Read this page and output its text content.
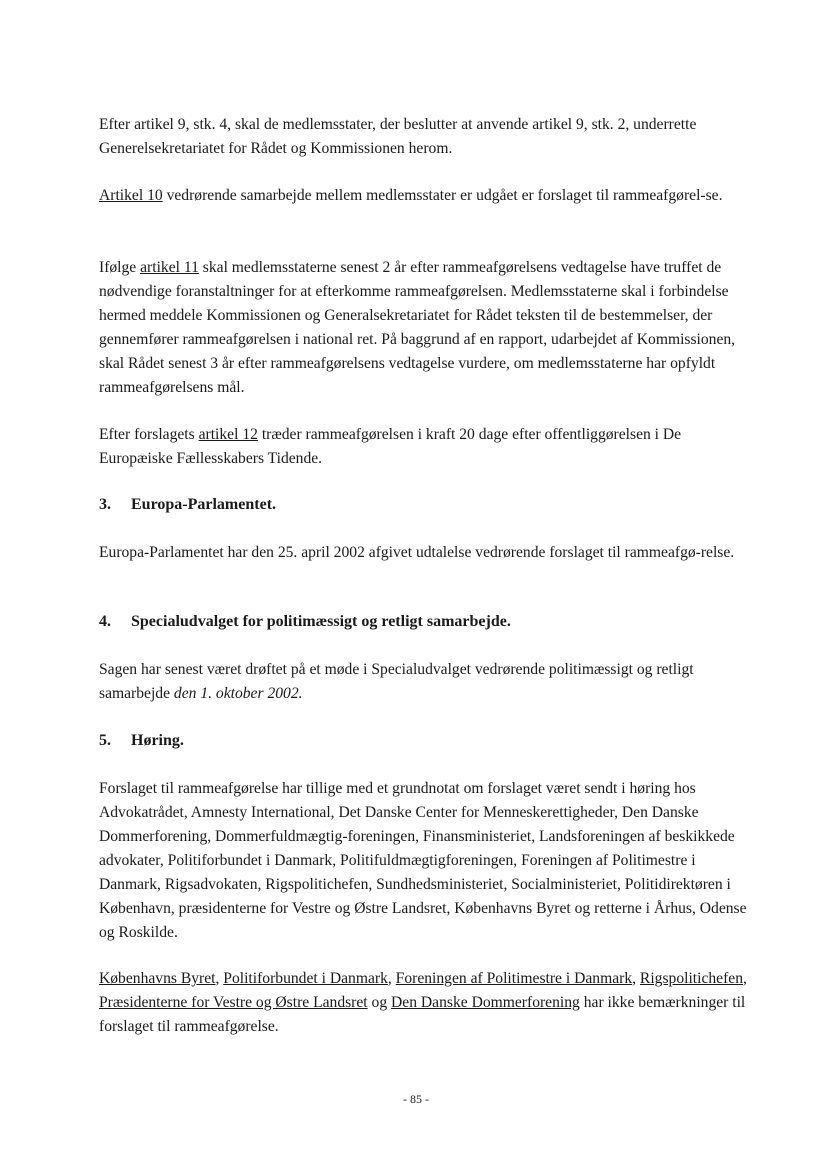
Efter artikel 9, stk. 4, skal de medlemsstater, der beslutter at anvende artikel 9, stk. 2, underrette Generelsekretariatet for Rådet og Kommissionen herom.

Artikel 10 vedrørende samarbejde mellem medlemsstater er udgået er forslaget til rammeafgørel-se.

Ifølge artikel 11 skal medlemsstaterne senest 2 år efter rammeafgørelsens vedtagelse have truffet de nødvendige foranstaltninger for at efterkomme rammeafgørelsen. Medlemsstaterne skal i forbindelse hermed meddele Kommissionen og Generalsekretariatet for Rådet teksten til de bestemmelser, der gennemfører rammeafgørelsen i national ret. På baggrund af en rapport, udarbejdet af Kommissionen, skal Rådet senest 3 år efter rammeafgørelsens vedtagelse vurdere, om medlemsstaterne har opfyldt rammeafgørelsens mål.

Efter forslagets artikel 12 træder rammeafgørelsen i kraft 20 dage efter offentliggørelsen i De Europæiske Fællesskabers Tidende.

3. Europa-Parlamentet.

Europa-Parlamentet har den 25. april 2002 afgivet udtalelse vedrørende forslaget til rammeafgø-relse.

4. Specialudvalget for politimæssigt og retligt samarbejde.

Sagen har senest været drøftet på et møde i Specialudvalget vedrørende politimæssigt og retligt samarbejde den 1. oktober 2002.

5. Høring.

Forslaget til rammeafgørelse har tillige med et grundnotat om forslaget været sendt i høring hos Advokatrådet, Amnesty International, Det Danske Center for Menneskerettigheder, Den Danske Dommerforening, Dommerfuldmægtig-foreningen, Finansministeriet, Landsforeningen af beskikkede advokater, Politiforbundet i Danmark, Politifuldmægtigforeningen, Foreningen af Politimestre i Danmark, Rigsadvokaten, Rigspolitichefen, Sundhedsministeriet, Socialministeriet, Politidirektøren i København, præsidenterne for Vestre og Østre Landsret, Københavns Byret og retterne i Århus, Odense og Roskilde.

Københavns Byret, Politiforbundet i Danmark, Foreningen af Politimestre i Danmark, Rigspolitichefen, Præsidenterne for Vestre og Østre Landsret og Den Danske Dommerforening har ikke bemærkninger til forslaget til rammeafgørelse.

- 85 -
